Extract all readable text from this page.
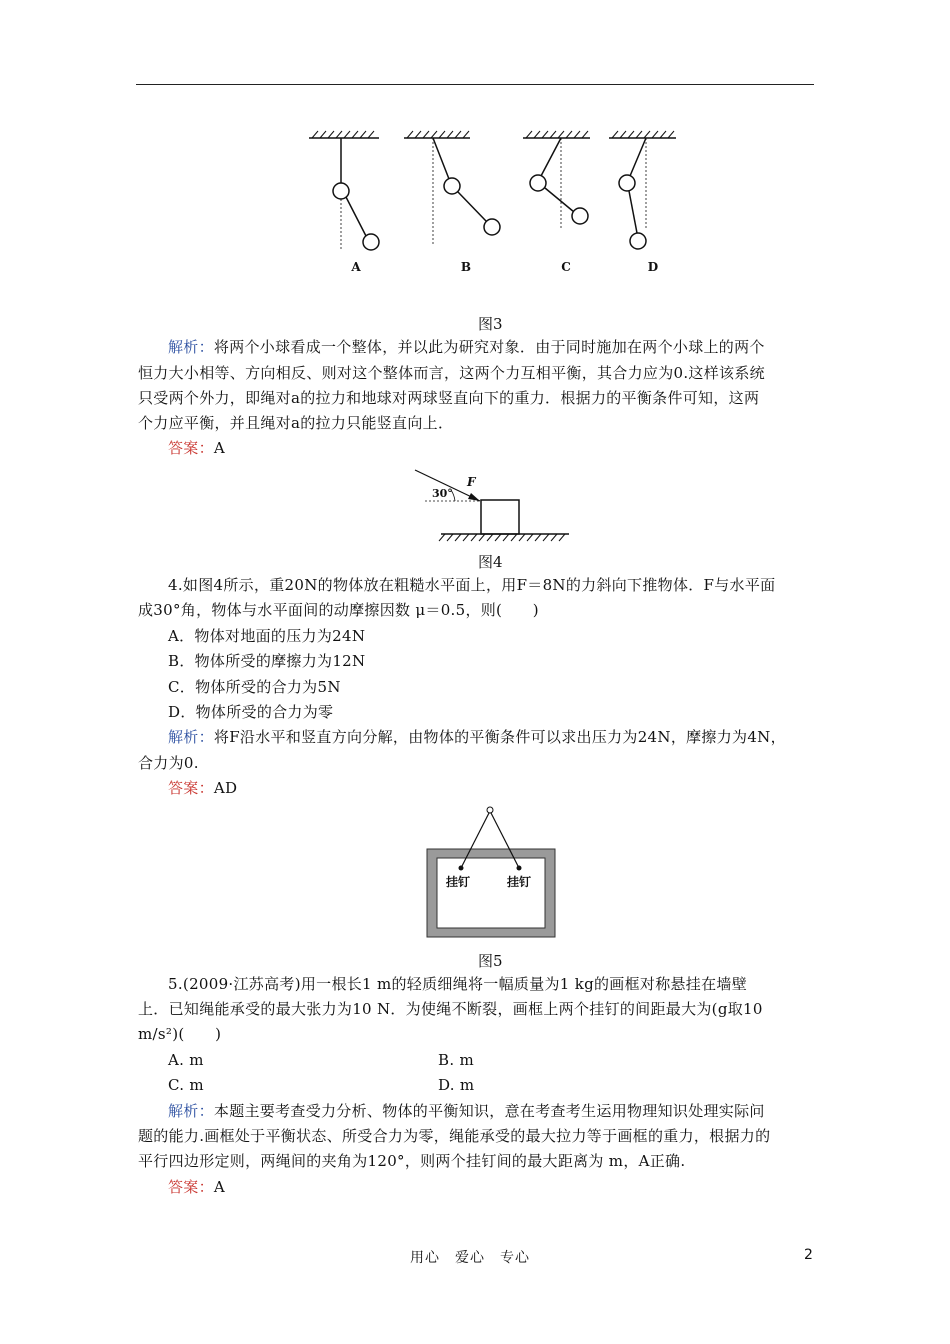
A	B	C	D
图3
解析：将两个小球看成一个整体，并以此为研究对象．由于同时施加在两个小球上的两个
恒力大小相等、方向相反、则对这个整体而言，这两个力互相平衡，其合力应为0.这样该系统
只受两个外力，即绳对a的拉力和地球对两球竖直向下的重力．根据力的平衡条件可知，这两
个力应平衡，并且绳对a的拉力只能竖直向上．
答案：A
30°
F
图4
4.如图4所示，重20N的物体放在粗糙水平面上，用F＝8N的力斜向下推物体．F与水平面
成30°角，物体与水平面间的动摩擦因数 μ＝0.5，则(　　)
A．物体对地面的压力为24N
B．物体所受的摩擦力为12N
C．物体所受的合力为5N
D．物体所受的合力为零
解析：将F沿水平和竖直方向分解，由物体的平衡条件可以求出压力为24N，摩擦力为4N，
合力为0.
答案：AD
挂钉	挂钉
图5
5.(2009·江苏高考)用一根长1 m的轻质细绳将一幅质量为1 kg的画框对称悬挂在墙壁
上．已知绳能承受的最大张力为10 N．为使绳不断裂，画框上两个挂钉的间距最大为(g取10
m/s²)(　　)
A. m	B. m
C. m	D. m
解析：本题主要考查受力分析、物体的平衡知识，意在考查考生运用物理知识处理实际问
题的能力.画框处于平衡状态、所受合力为零，绳能承受的最大拉力等于画框的重力，根据力的
平行四边形定则，两绳间的夹角为120°，则两个挂钉间的最大距离为 m，A正确.
答案：A
用心　爱心　专心	2
